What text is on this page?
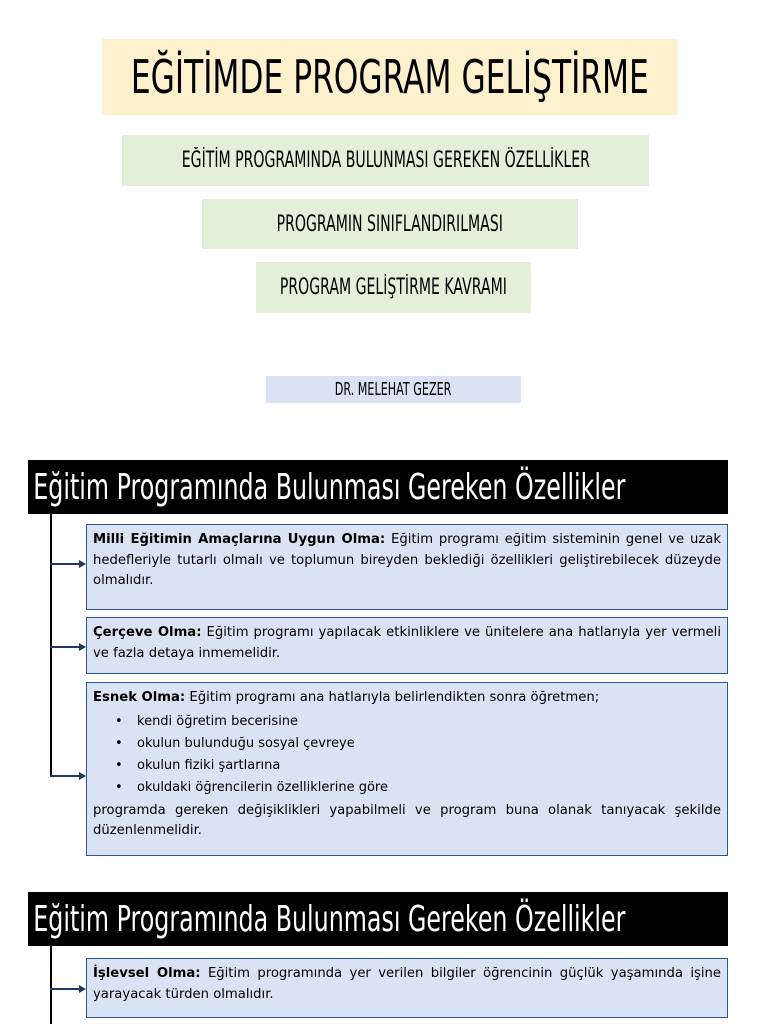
EĞİTİMDE PROGRAM GELİŞTİRME
EĞİTİM PROGRAMINDA BULUNMASI GEREKEN ÖZELLİKLER
PROGRAMIN SINIFLANDIRILMASI
PROGRAM GELİŞTİRME KAVRAMI
DR. MELEHAT GEZER
Eğitim Programında Bulunması Gereken Özellikler
Milli Eğitimin Amaçlarına Uygun Olma: Eğitim programı eğitim sisteminin genel ve uzak hedefleriyle tutarlı olmalı ve toplumun bireyden beklediği özellikleri geliştirebilecek düzeyde olmalıdır.
Çerçeve Olma: Eğitim programı yapılacak etkinliklere ve ünitelere ana hatlarıyla yer vermeli ve fazla detaya inmemelidir.
Esnek Olma: Eğitim programı ana hatlarıyla belirlendikten sonra öğretmen;
• kendi öğretim becerisine
• okulun bulunduğu sosyal çevreye
• okulun fiziki şartlarına
• okuldaki öğrencilerin özelliklerine göre
programda gereken değişiklikleri yapabilmeli ve program buna olanak tanıyacak şekilde düzenlenmelidir.
Eğitim Programında Bulunması Gereken Özellikler
İşlevsel Olma: Eğitim programında yer verilen bilgiler öğrencinin güçlük yaşamında işine yarayacak türden olmalıdır.
